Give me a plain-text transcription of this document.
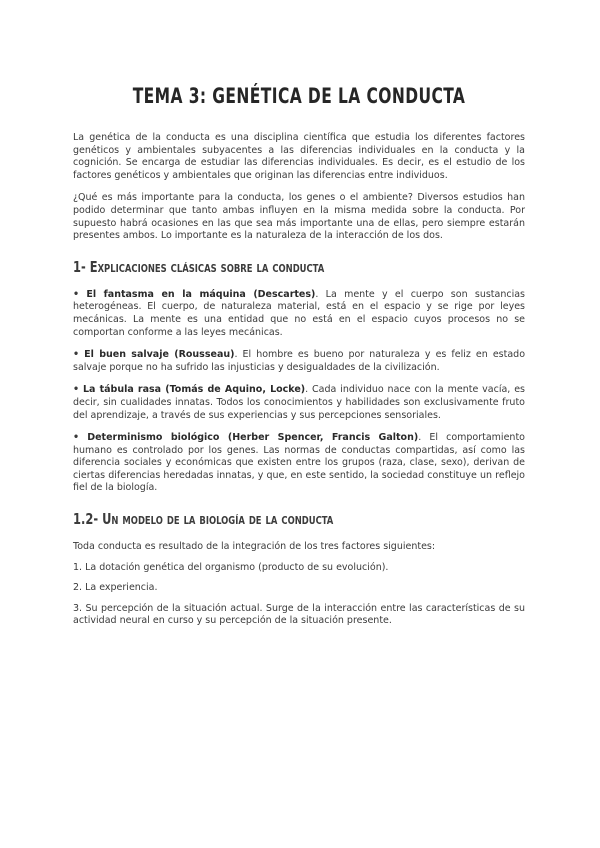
TEMA 3: GENÉTICA DE LA CONDUCTA

La genética de la conducta es una disciplina científica que estudia los diferentes factores genéticos y ambientales subyacentes a las diferencias individuales en la conducta y la cognición. Se encarga de estudiar las diferencias individuales. Es decir, es el estudio de los factores genéticos y ambientales que originan las diferencias entre individuos.

¿Qué es más importante para la conducta, los genes o el ambiente? Diversos estudios han podido determinar que tanto ambas influyen en la misma medida sobre la conducta. Por supuesto habrá ocasiones en las que sea más importante una de ellas, pero siempre estarán presentes ambos. Lo importante es la naturaleza de la interacción de los dos.

1- Explicaciones clásicas sobre la conducta

• El fantasma en la máquina (Descartes). La mente y el cuerpo son sustancias heterogéneas. El cuerpo, de naturaleza material, está en el espacio y se rige por leyes mecánicas. La mente es una entidad que no está en el espacio cuyos procesos no se comportan conforme a las leyes mecánicas.

• El buen salvaje (Rousseau). El hombre es bueno por naturaleza y es feliz en estado salvaje porque no ha sufrido las injusticias y desigualdades de la civilización.

• La tábula rasa (Tomás de Aquino, Locke). Cada individuo nace con la mente vacía, es decir, sin cualidades innatas. Todos los conocimientos y habilidades son exclusivamente fruto del aprendizaje, a través de sus experiencias y sus percepciones sensoriales.

• Determinismo biológico (Herber Spencer, Francis Galton). El comportamiento humano es controlado por los genes. Las normas de conductas compartidas, así como las diferencia sociales y económicas que existen entre los grupos (raza, clase, sexo), derivan de ciertas diferencias heredadas innatas, y que, en este sentido, la sociedad constituye un reflejo fiel de la biología.

1.2- Un modelo de la biología de la conducta

Toda conducta es resultado de la integración de los tres factores siguientes:

1. La dotación genética del organismo (producto de su evolución).

2. La experiencia.

3. Su percepción de la situación actual. Surge de la interacción entre las características de su actividad neural en curso y su percepción de la situación presente.
